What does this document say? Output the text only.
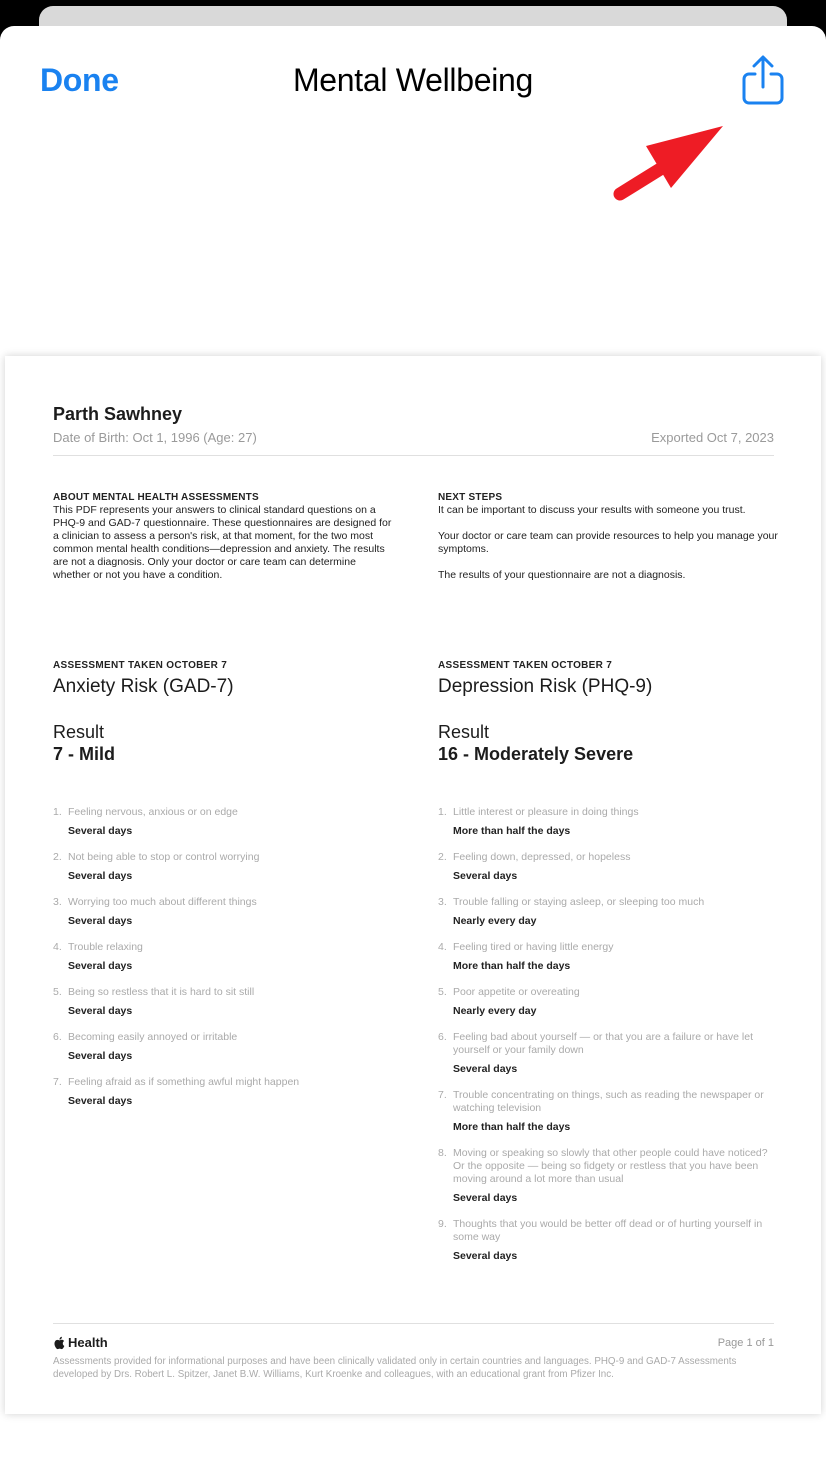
Done	Mental Wellbeing
Parth Sawhney
Date of Birth: Oct 1, 1996 (Age: 27)	Exported Oct 7, 2023
ABOUT MENTAL HEALTH ASSESSMENTS
This PDF represents your answers to clinical standard questions on a PHQ-9 and GAD-7 questionnaire. These questionnaires are designed for a clinician to assess a person's risk, at that moment, for the two most common mental health conditions—depression and anxiety. The results are not a diagnosis. Only your doctor or care team can determine whether or not you have a condition.
NEXT STEPS
It can be important to discuss your results with someone you trust.
Your doctor or care team can provide resources to help you manage your symptoms.
The results of your questionnaire are not a diagnosis.
ASSESSMENT TAKEN OCTOBER 7
Anxiety Risk (GAD-7)
Result
7 - Mild
1. Feeling nervous, anxious or on edge
Several days
2. Not being able to stop or control worrying
Several days
3. Worrying too much about different things
Several days
4. Trouble relaxing
Several days
5. Being so restless that it is hard to sit still
Several days
6. Becoming easily annoyed or irritable
Several days
7. Feeling afraid as if something awful might happen
Several days
ASSESSMENT TAKEN OCTOBER 7
Depression Risk (PHQ-9)
Result
16 - Moderately Severe
1. Little interest or pleasure in doing things
More than half the days
2. Feeling down, depressed, or hopeless
Several days
3. Trouble falling or staying asleep, or sleeping too much
Nearly every day
4. Feeling tired or having little energy
More than half the days
5. Poor appetite or overeating
Nearly every day
6. Feeling bad about yourself — or that you are a failure or have let yourself or your family down
Several days
7. Trouble concentrating on things, such as reading the newspaper or watching television
More than half the days
8. Moving or speaking so slowly that other people could have noticed? Or the opposite — being so fidgety or restless that you have been moving around a lot more than usual
Several days
9. Thoughts that you would be better off dead or of hurting yourself in some way
Several days
Health	Page 1 of 1
Assessments provided for informational purposes and have been clinically validated only in certain countries and languages. PHQ-9 and GAD-7 Assessments developed by Drs. Robert L. Spitzer, Janet B.W. Williams, Kurt Kroenke and colleagues, with an educational grant from Pfizer Inc.
